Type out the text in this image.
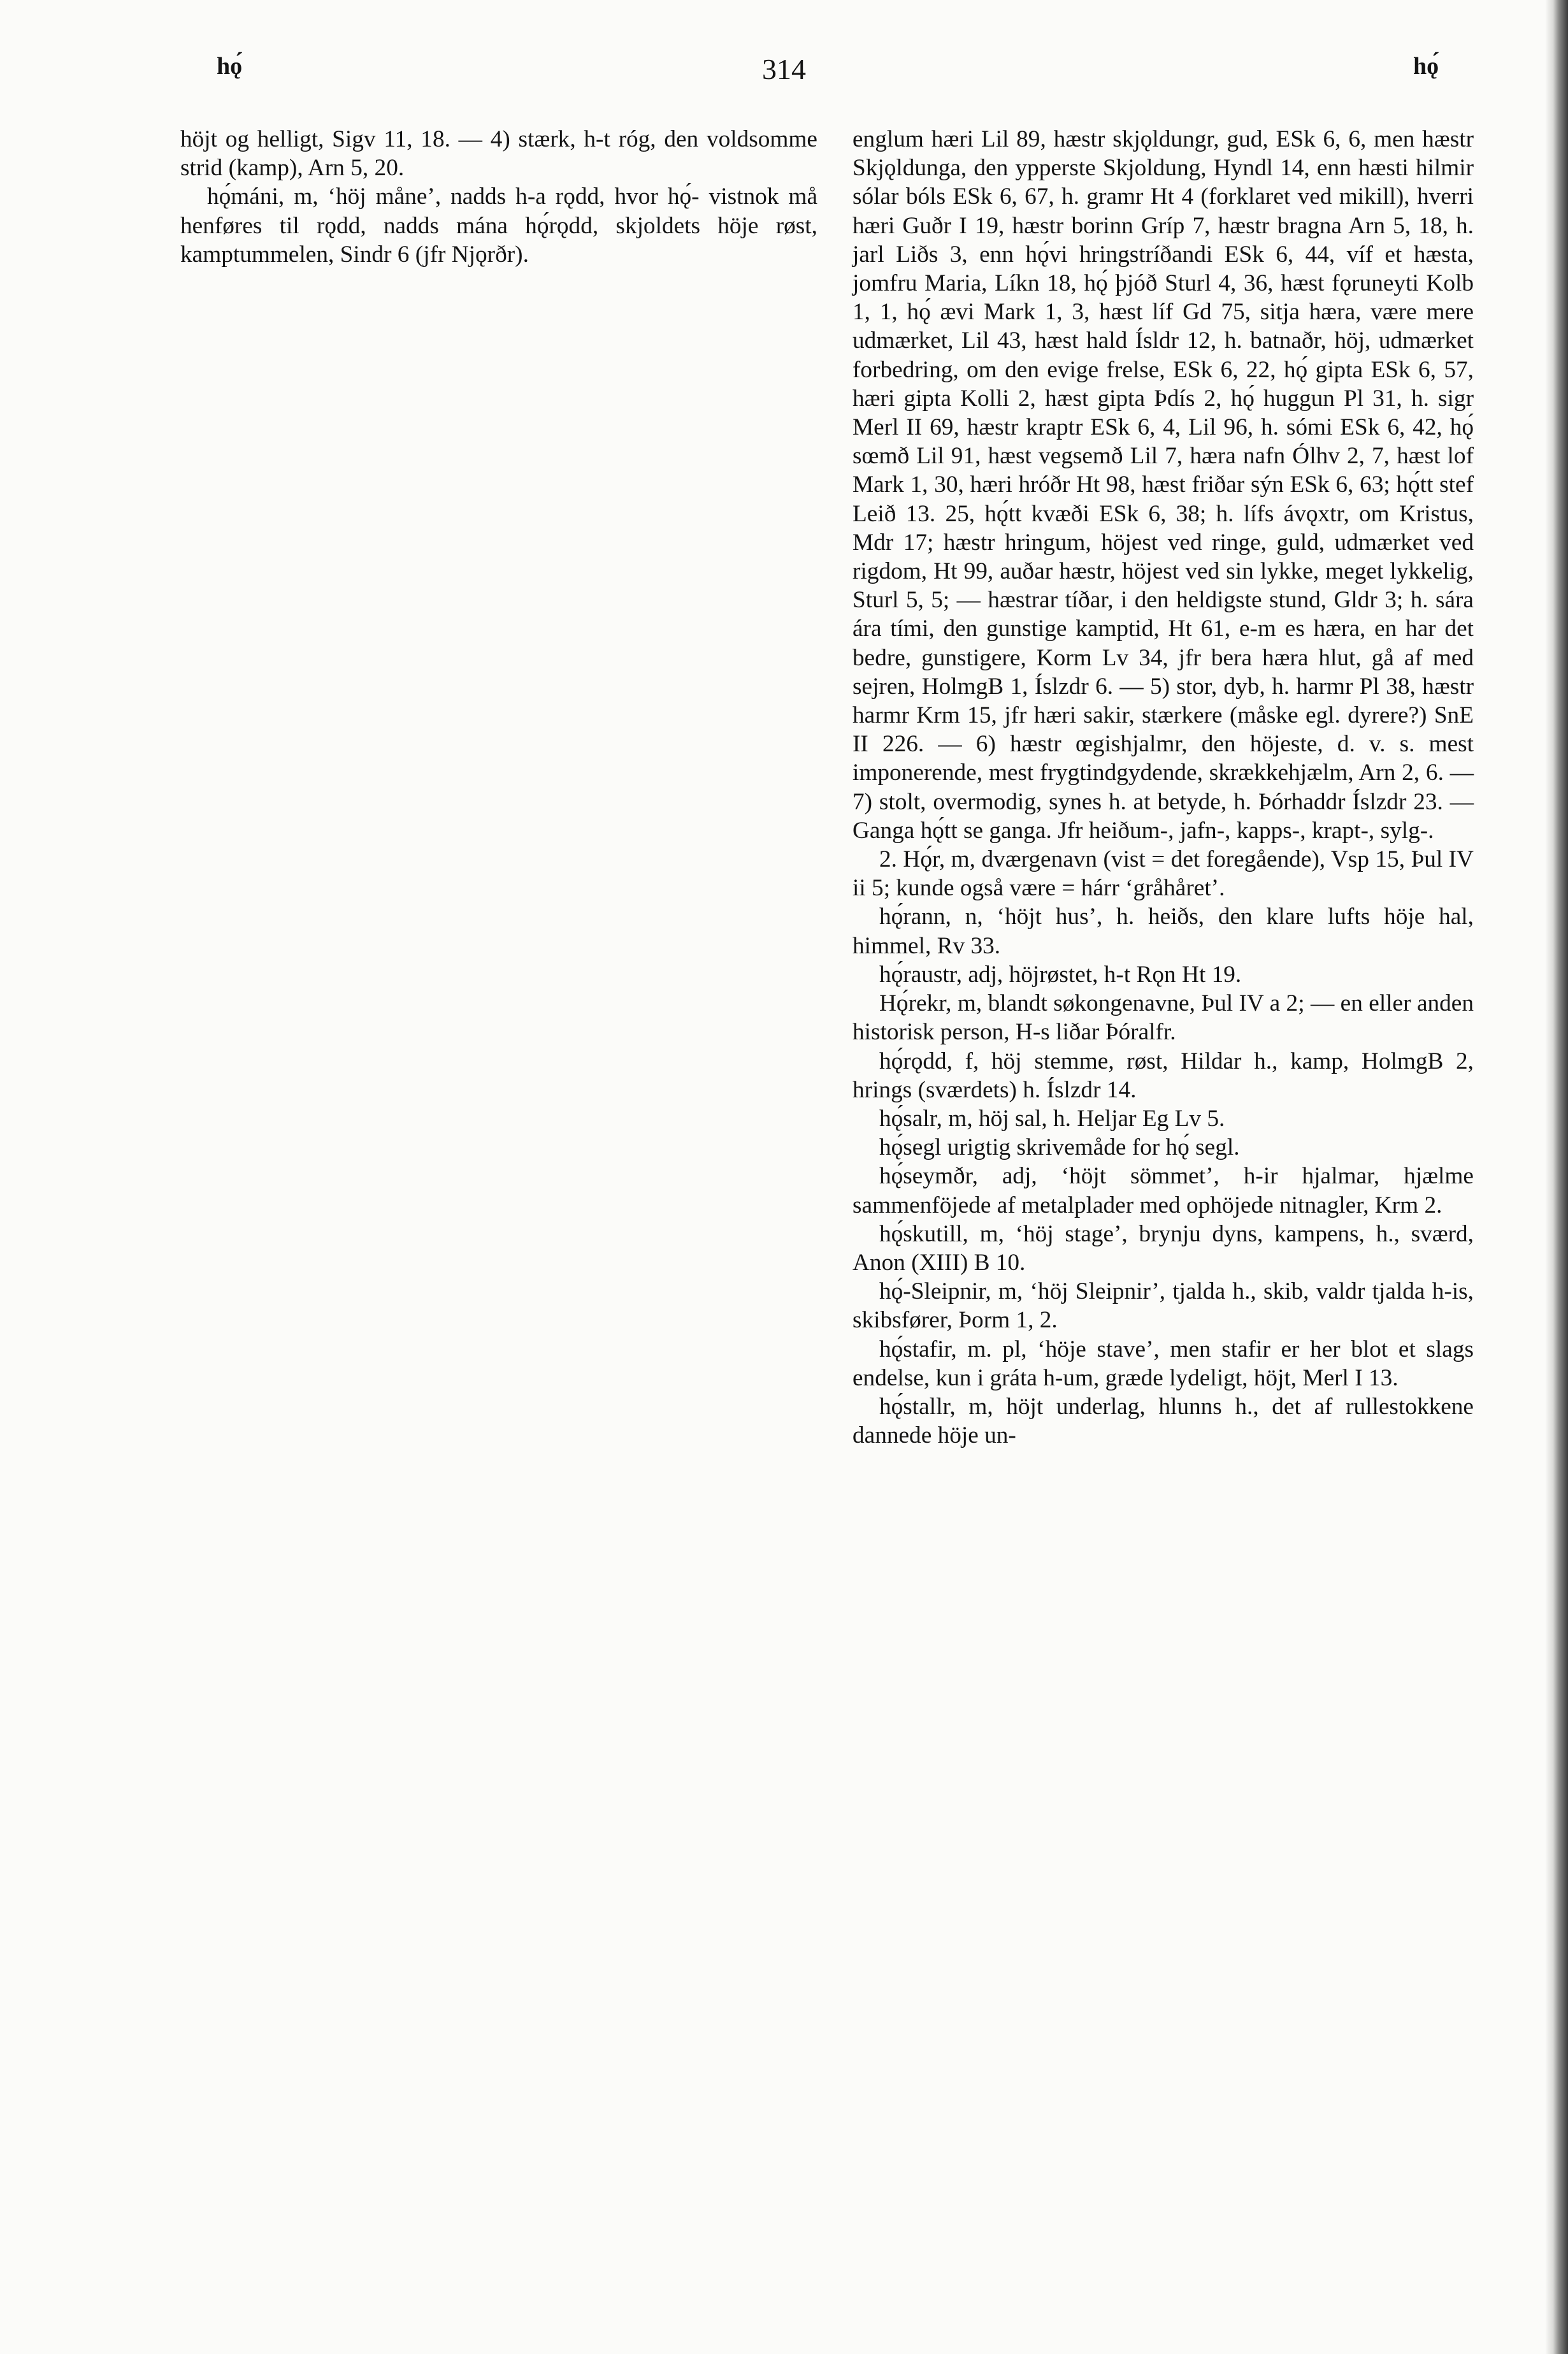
hǫ́	314	hǫ́

höjt og helligt, Sigv 11, 18. — 4) stærk, h-t róg, den voldsomme strid (kamp), Arn 5, 20.

hǫ́máni, m, ‘höj måne’, nadds h-a rǫdd, hvor hǫ́- vistnok må henføres til rǫdd, nadds mána hǫ́rǫdd, skjoldets höje røst, kamptummelen, Sindr 6 (jfr Njǫrðr).

englum hæri Lil 89, hæstr skjǫldungr, gud, ESk 6, 6, men hæstr Skjǫldunga, den ypperste Skjoldung, Hyndl 14, enn hæsti hilmir sólar bóls ESk 6, 67, h. gramr Ht 4 (forklaret ved mikill), hverri hæri Guðr I 19, hæstr borinn Gríp 7, hæstr bragna Arn 5, 18, h. jarl Liðs 3, enn hǫ́vi hringstríðandi ESk 6, 44, víf et hæsta, jomfru Maria, Líkn 18, hǫ́ þjóð Sturl 4, 36, hæst fǫruneyti Kolb 1, 1, hǫ́ ævi Mark 1, 3, hæst líf Gd 75, sitja hæra, være mere udmærket, Lil 43, hæst hald Ísldr 12, h. batnaðr, höj, udmærket forbedring, om den evige frelse, ESk 6, 22, hǫ́ gipta ESk 6, 57, hæri gipta Kolli 2, hæst gipta Þdís 2, hǫ́ huggun Pl 31, h. sigr Merl II 69, hæstr kraptr ESk 6, 4, Lil 96, h. sómi ESk 6, 42, hǫ́ sœmð Lil 91, hæst vegsemð Lil 7, hæra nafn Ólhv 2, 7, hæst lof Mark 1, 30, hæri hróðr Ht 98, hæst friðar sýn ESk 6, 63; hǫ́tt stef Leið 13. 25, hǫ́tt kvæði ESk 6, 38; h. lífs ávǫxtr, om Kristus, Mdr 17; hæstr hringum, höjest ved ringe, guld, udmærket ved rigdom, Ht 99, auðar hæstr, höjest ved sin lykke, meget lykkelig, Sturl 5, 5; — hæstrar tíðar, i den heldigste stund, Gldr 3; h. sára ára tími, den gunstige kamptid, Ht 61, e-m es hæra, en har det bedre, gunstigere, Korm Lv 34, jfr bera hæra hlut, gå af med sejren, HolmgB 1, Íslzdr 6. — 5) stor, dyb, h. harmr Pl 38, hæstr harmr Krm 15, jfr hæri sakir, stærkere (måske egl. dyrere?) SnE II 226. — 6) hæstr œgishjalmr, den höjeste, d. v. s. mest imponerende, mest frygtindgydende, skrækkehjælm, Arn 2, 6. — 7) stolt, overmodig, synes h. at betyde, h. Þórhaddr Íslzdr 23. — Ganga hǫ́tt se ganga. Jfr heiðum-, jafn-, kapps-, krapt-, sylg-.

2. Hǫ́r, m, dværgenavn (vist = det foregående), Vsp 15, Þul IV ii 5; kunde også være = hárr ‘gråhåret’.

hǫ́rann, n, ‘höjt hus’, h. heiðs, den klare lufts höje hal, himmel, Rv 33.

hǫ́raustr, adj, höjrøstet, h-t Rǫn Ht 19.

Hǫ́rekr, m, blandt søkongenavne, Þul IV a 2; — en eller anden historisk person, H-s liðar Þóralfr.

hǫ́rǫdd, f, höj stemme, røst, Hildar h., kamp, HolmgB 2, hrings (sværdets) h. Íslzdr 14.

hǫ́salr, m, höj sal, h. Heljar Eg Lv 5.

hǫ́segl urigtig skrivemåde for hǫ́ segl.

hǫ́seymðr, adj, ‘höjt sömmet’, h-ir hjalmar, hjælme sammenföjede af metalplader med ophöjede nitnagler, Krm 2.

hǫ́skutill, m, ‘höj stage’, brynju dyns, kampens, h., sværd, Anon (XIII) B 10.

hǫ́-Sleipnir, m, ‘höj Sleipnir’, tjalda h., skib, valdr tjalda h-is, skibsfører, Þorm 1, 2.

hǫ́stafir, m. pl, ‘höje stave’, men stafir er her blot et slags endelse, kun i gráta h-um, græde lydeligt, höjt, Merl I 13.

hǫ́stallr, m, höjt underlag, hlunns h., det af rullestokkene dannede höje un-
